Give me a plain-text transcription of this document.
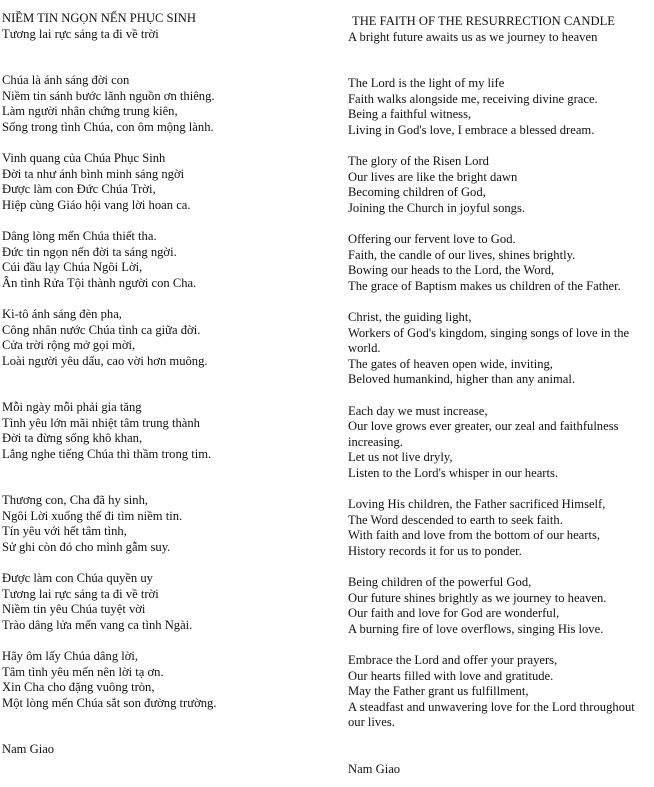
NIỀM TIN NGỌN NẾN PHỤC SINH
Tương lai rực sáng ta đi về trời
Chúa là ánh sáng đời con
Niềm tin sánh bước lãnh nguồn ơn thiêng.
Làm người nhân chứng trung kiên,
Sống trong tình Chúa, con ôm mộng lành.
Vinh quang của Chúa Phục Sinh
Đời ta như ánh bình minh sáng ngời
Được làm con Đức Chúa Trời,
Hiệp cùng Giáo hội vang lời hoan ca.
Dâng lòng mến Chúa thiết tha.
Đức tin ngọn nến đời ta sáng ngời.
Cúi đầu lạy Chúa Ngôi Lời,
Ân tình Rửa Tội thành người con Cha.
Ki-tô ánh sáng đèn pha,
Công nhân nước Chúa tình ca giữa đời.
Cửa trời rộng mở gọi mời,
Loài người yêu dấu, cao vời hơn muông.
Mỗi ngày mỗi phải gia tăng
Tình yêu lớn mãi nhiệt tâm trung thành
Đời ta đừng sống khô khan,
Lắng nghe tiếng Chúa thì thầm trong tim.
Thương con, Cha đã hy sinh,
Ngôi Lời xuống thế đi tìm niềm tin.
Tín yêu với hết tâm tình,
Sử ghi còn đó cho mình gẫm suy.
Được làm con Chúa quyền uy
Tương lai rực sáng ta đi về trời
Niềm tin yêu Chúa tuyệt vời
Trào dâng lửa mến vang ca tình Ngài.
Hãy ôm lấy Chúa dâng lời,
Tâm tình yêu mến nên lời tạ ơn.
Xin Cha cho đặng vuông tròn,
Một lòng mến Chúa sắt son đường trường.
Nam Giao
THE FAITH OF THE RESURRECTION CANDLE
A bright future awaits us as we journey to heaven
The Lord is the light of my life
Faith walks alongside me, receiving divine grace.
Being a faithful witness,
Living in God's love, I embrace a blessed dream.
The glory of the Risen Lord
Our lives are like the bright dawn
Becoming children of God,
Joining the Church in joyful songs.
Offering our fervent love to God.
Faith, the candle of our lives, shines brightly.
Bowing our heads to the Lord, the Word,
The grace of Baptism makes us children of the Father.
Christ, the guiding light,
Workers of God's kingdom, singing songs of love in the world.
The gates of heaven open wide, inviting,
Beloved humankind, higher than any animal.
Each day we must increase,
Our love grows ever greater, our zeal and faithfulness increasing.
Let us not live dryly,
Listen to the Lord's whisper in our hearts.
Loving His children, the Father sacrificed Himself,
The Word descended to earth to seek faith.
With faith and love from the bottom of our hearts,
History records it for us to ponder.
Being children of the powerful God,
Our future shines brightly as we journey to heaven.
Our faith and love for God are wonderful,
A burning fire of love overflows, singing His love.
Embrace the Lord and offer your prayers,
Our hearts filled with love and gratitude.
May the Father grant us fulfillment,
A steadfast and unwavering love for the Lord throughout our lives.
Nam Giao
